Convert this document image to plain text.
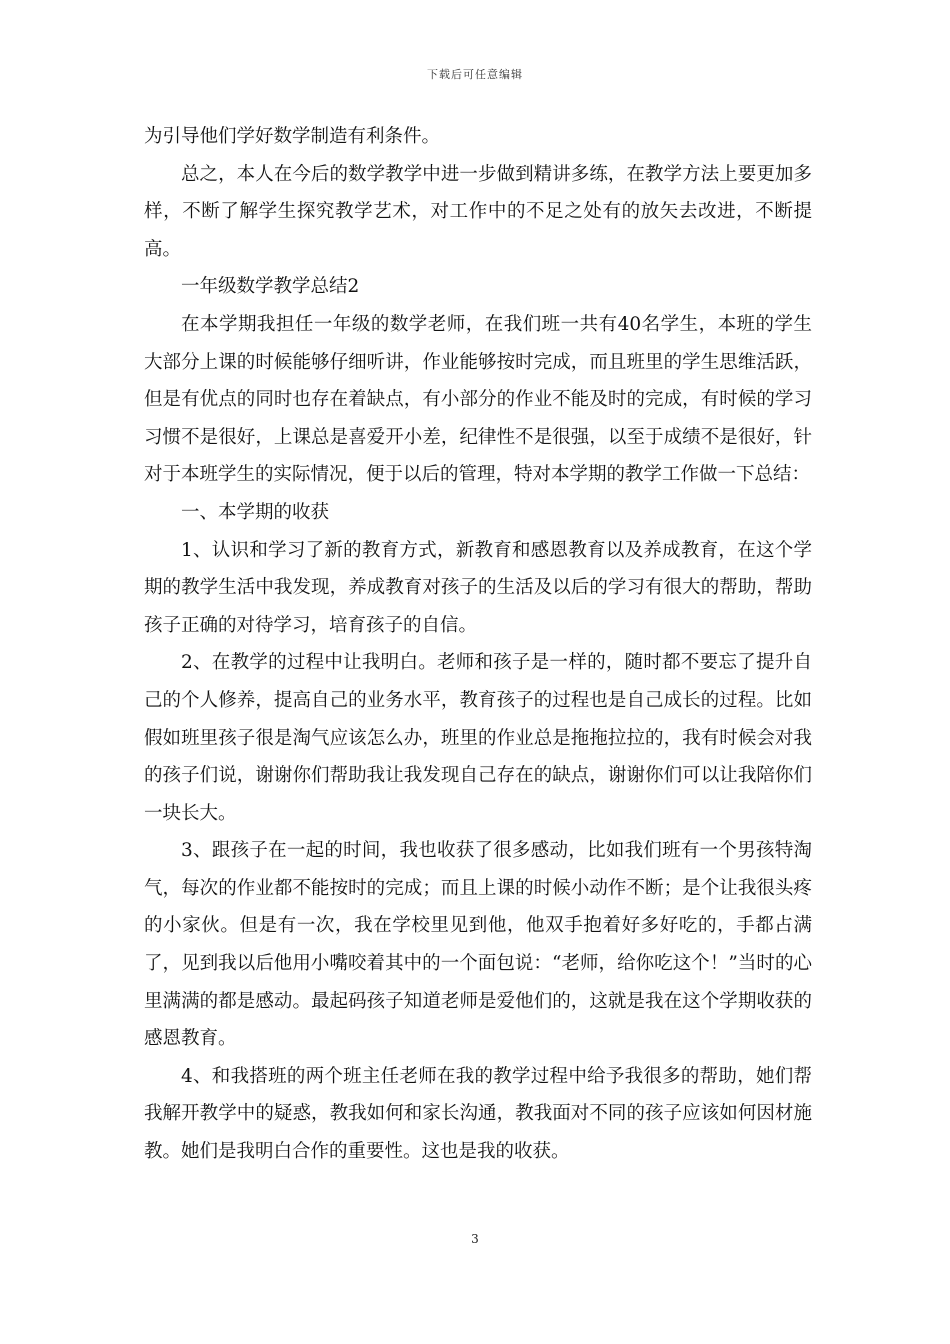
下载后可任意编辑

为引导他们学好数学制造有利条件。

总之，本人在今后的数学教学中进一步做到精讲多练，在教学方法上要更加多样，不断了解学生探究教学艺术，对工作中的不足之处有的放矢去改进，不断提高。

一年级数学教学总结2

在本学期我担任一年级的数学老师，在我们班一共有40名学生，本班的学生大部分上课的时候能够仔细听讲，作业能够按时完成，而且班里的学生思维活跃，但是有优点的同时也存在着缺点，有小部分的作业不能及时的完成，有时候的学习习惯不是很好，上课总是喜爱开小差，纪律性不是很强，以至于成绩不是很好，针对于本班学生的实际情况，便于以后的管理，特对本学期的教学工作做一下总结：

一、本学期的收获

1、认识和学习了新的教育方式，新教育和感恩教育以及养成教育，在这个学期的教学生活中我发现，养成教育对孩子的生活及以后的学习有很大的帮助，帮助孩子正确的对待学习，培育孩子的自信。

2、在教学的过程中让我明白。老师和孩子是一样的，随时都不要忘了提升自己的个人修养，提高自己的业务水平，教育孩子的过程也是自己成长的过程。比如假如班里孩子很是淘气应该怎么办，班里的作业总是拖拖拉拉的，我有时候会对我的孩子们说，谢谢你们帮助我让我发现自己存在的缺点，谢谢你们可以让我陪你们一块长大。

3、跟孩子在一起的时间，我也收获了很多感动，比如我们班有一个男孩特淘气，每次的作业都不能按时的完成；而且上课的时候小动作不断；是个让我很头疼的小家伙。但是有一次，我在学校里见到他，他双手抱着好多好吃的，手都占满了，见到我以后他用小嘴咬着其中的一个面包说：“老师，给你吃这个！”当时的心里满满的都是感动。最起码孩子知道老师是爱他们的，这就是我在这个学期收获的感恩教育。

4、和我搭班的两个班主任老师在我的教学过程中给予我很多的帮助，她们帮我解开教学中的疑惑，教我如何和家长沟通，教我面对不同的孩子应该如何因材施教。她们是我明白合作的重要性。这也是我的收获。

3
